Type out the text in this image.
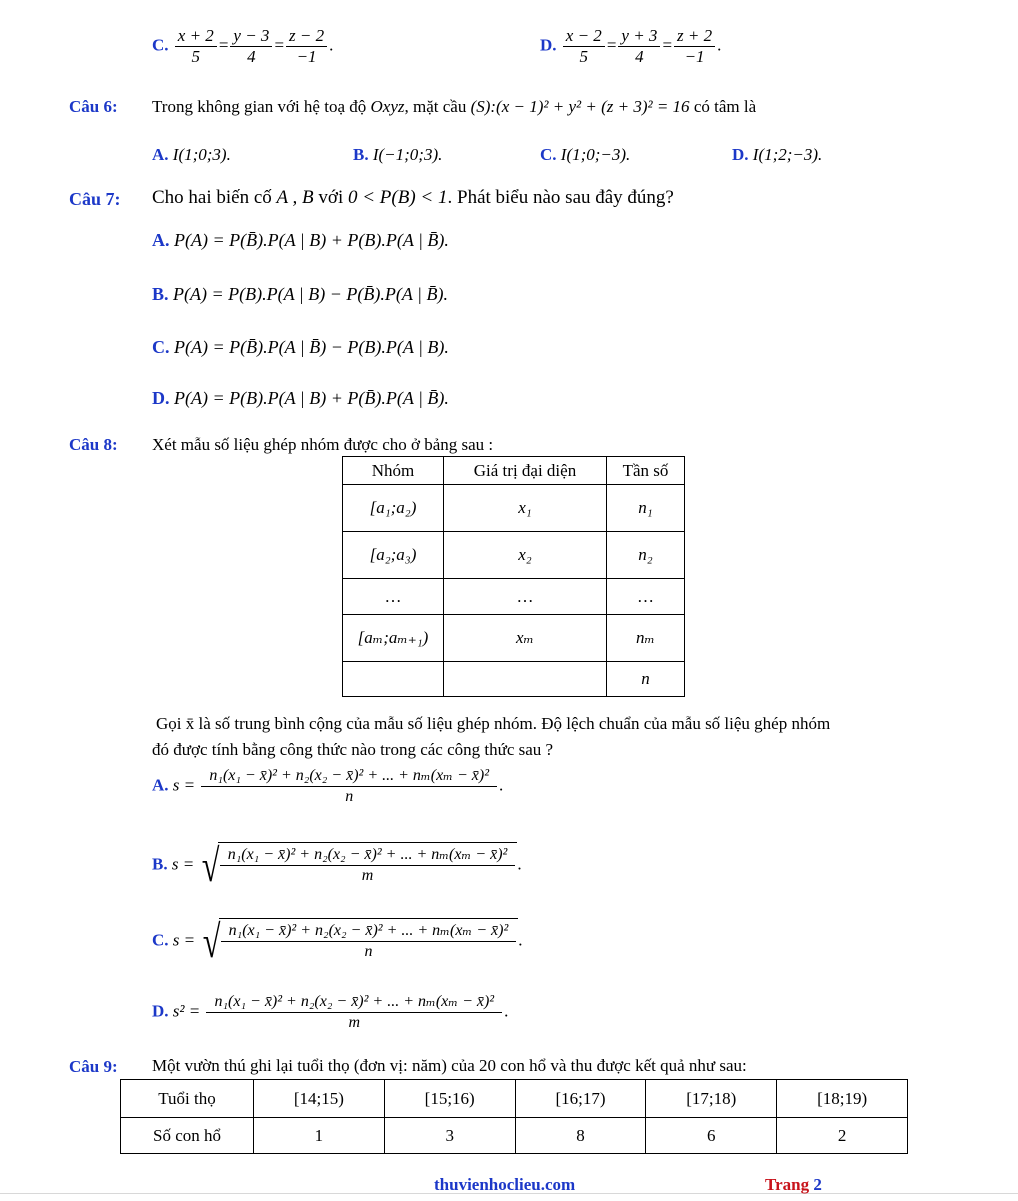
C. $\frac{x + 2}{5} = \frac{y - 3}{4} = \frac{z - 2}{-1}$ .	D. $\frac{x - 2}{5} = \frac{y + 3}{4} = \frac{z + 2}{-1}$ .
Câu 6: Trong không gian với hệ toạ độ Oxyz, mặt cầu (S):(x − 1)² + y² + (z + 3)² = 16 có tâm là
A. I(1;0;3).	B. I(−1;0;3).	C. I(1;0;−3).	D. I(1;2;−3).
Câu 7: Cho hai biến cố A , B với 0 < P(B) < 1. Phát biểu nào sau đây đúng?
A. P(A) = P(B̄).P(A | B) + P(B).P(A | B̄).
B. P(A) = P(B).P(A | B) − P(B̄).P(A | B̄).
C. P(A) = P(B̄).P(A | B̄) − P(B).P(A | B).
D. P(A) = P(B).P(A | B) + P(B̄).P(A | B̄).
Câu 8: Xét mẫu số liệu ghép nhóm được cho ở bảng sau :
Nhóm	Giá trị đại diện	Tần số
[a₁;a₂)	x₁	n₁
[a₂;a₃)	x₂	n₂
…	…	…
[aₘ;aₘ₊₁)	xₘ	nₘ
		n
Gọi x̄ là số trung bình cộng của mẫu số liệu ghép nhóm. Độ lệch chuẩn của mẫu số liệu ghép nhóm
đó được tính bằng công thức nào trong các công thức sau ?
A. $s = \frac{\text{n₁(x₁ − x̄)² + n₂(x₂ − x̄)² + ... + nₘ(xₘ − x̄)²}}{n}$ .
B. s = √ $\frac{\text{n₁(x₁ − x̄)² + n₂(x₂ − x̄)² + ... + nₘ(xₘ − x̄)²}}{m}$ .
C. s = √ $\frac{\text{n₁(x₁ − x̄)² + n₂(x₂ − x̄)² + ... + nₘ(xₘ − x̄)²}}{n}$ .
D. $s^2 = \frac{\text{n₁(x₁ − x̄)² + n₂(x₂ − x̄)² + ... + nₘ(xₘ − x̄)²}}{m}$ .
Câu 9: Một vườn thú ghi lại tuổi thọ (đơn vị: năm) của 20 con hổ và thu được kết quả như sau:
Tuổi thọ	[14;15)	[15;16)	[16;17)	[17;18)	[18;19)
Số con hổ	1	3	8	6	2
thuvienhoclieu.com	Trang 2
